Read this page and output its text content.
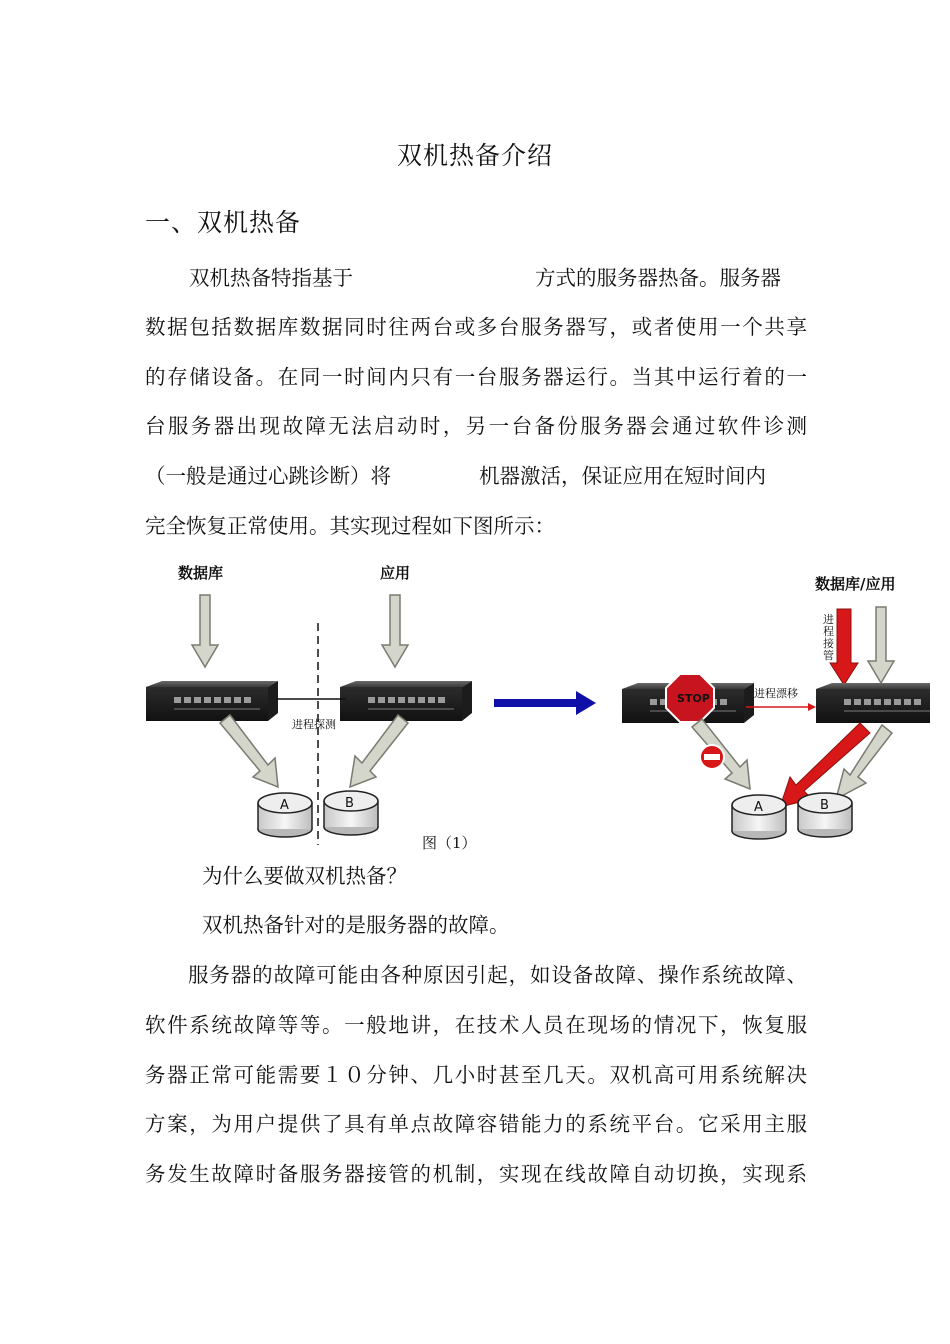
双机热备介绍
一、双机热备
双机热备特指基于	方式的服务器热备。服务器
数据包括数据库数据同时往两台或多台服务器写，或者使用一个共享
的存储设备。在同一时间内只有一台服务器运行。当其中运行着的一
台服务器出现故障无法启动时，另一台备份服务器会通过软件诊测
（一般是通过心跳诊断）将	机器激活，保证应用在短时间内
完全恢复正常使用。其实现过程如下图所示：
数据库	应用
进程探测
A	B
图（1）
数据库/应用
进程接管
STOP	进程漂移
A	B
为什么要做双机热备？
双机热备针对的是服务器的故障。
服务器的故障可能由各种原因引起，如设备故障、操作系统故障、
软件系统故障等等。一般地讲，在技术人员在现场的情况下，恢复服
务器正常可能需要１０分钟、几小时甚至几天。双机高可用系统解决
方案，为用户提供了具有单点故障容错能力的系统平台。它采用主服
务发生故障时备服务器接管的机制，实现在线故障自动切换，实现系
